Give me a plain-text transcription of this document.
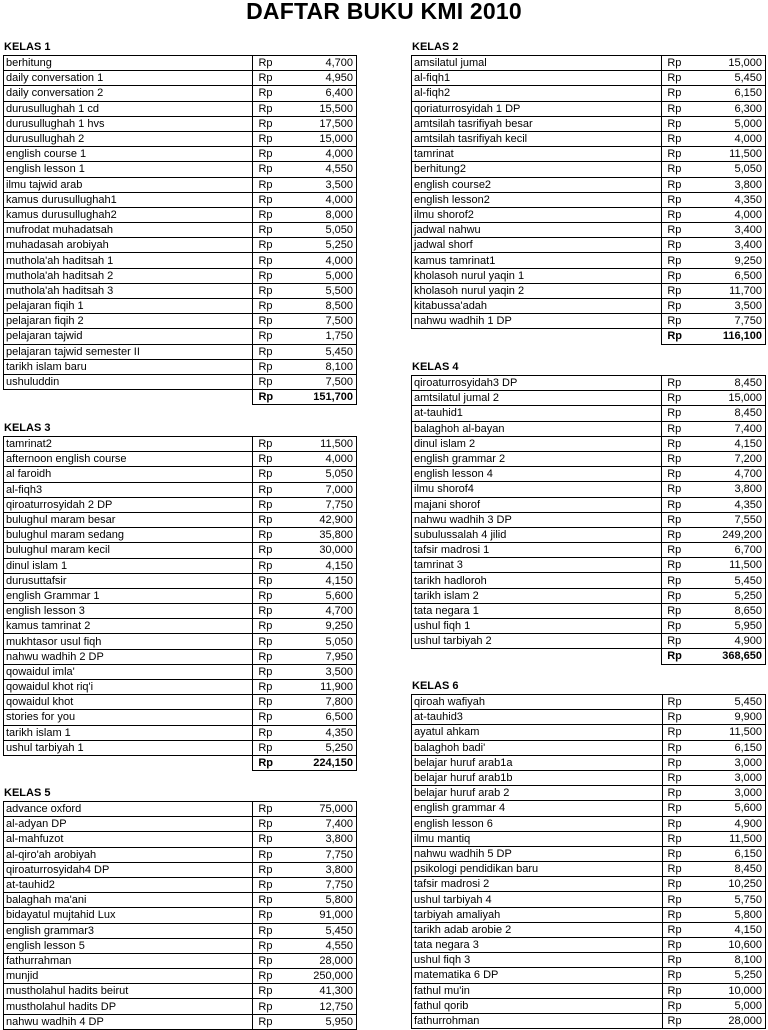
DAFTAR BUKU KMI 2010
KELAS 1
berhitung	Rp	4,700
daily conversation 1	Rp	4,950
daily conversation 2	Rp	6,400
durusullughah 1 cd	Rp	15,500
durusullughah 1 hvs	Rp	17,500
durusullughah 2	Rp	15,000
english course 1	Rp	4,000
english lesson 1	Rp	4,550
ilmu tajwid arab	Rp	3,500
kamus durusullughah1	Rp	4,000
kamus durusullughah2	Rp	8,000
mufrodat muhadatsah	Rp	5,050
muhadasah arobiyah	Rp	5,250
mutholа'ah haditsah 1	Rp	4,000
mutholа'ah haditsah 2	Rp	5,000
mutholа'ah haditsah 3	Rp	5,500
pelajaran fiqih 1	Rp	8,500
pelajaran fiqih 2	Rp	7,500
pelajaran tajwid	Rp	1,750
pelajaran tajwid semester II	Rp	5,450
tarikh islam baru	Rp	8,100
ushuluddin	Rp	7,500
	Rp	151,700
KELAS 3
tamrinat2	Rp	11,500
afternoon english course	Rp	4,000
al faroidh	Rp	5,050
al-fiqh3	Rp	7,000
qiroaturrosyidah 2 DP	Rp	7,750
bulughul maram besar	Rp	42,900
bulughul maram sedang	Rp	35,800
bulughul maram kecil	Rp	30,000
dinul islam 1	Rp	4,150
durusuttafsir	Rp	4,150
english Grammar 1	Rp	5,600
english lesson 3	Rp	4,700
kamus tamrinat 2	Rp	9,250
mukhtasor usul fiqh	Rp	5,050
nahwu wadhih 2 DP	Rp	7,950
qowaidul imla'	Rp	3,500
qowaidul khot riq'i	Rp	11,900
qowaidul khot	Rp	7,800
stories for you	Rp	6,500
tarikh islam 1	Rp	4,350
ushul tarbiyah 1	Rp	5,250
	Rp	224,150
KELAS 5
advance oxford	Rp	75,000
al-adyan DP	Rp	7,400
al-mahfuzot	Rp	3,800
al-qiro'ah arobiyah	Rp	7,750
qiroaturrosyidah4 DP	Rp	3,800
at-tauhid2	Rp	7,750
balaghah ma'ani	Rp	5,800
bidayatul mujtahid Lux	Rp	91,000
english grammar3	Rp	5,450
english lesson 5	Rp	4,550
fathurrahman	Rp	28,000
munjid	Rp	250,000
mustholahul hadits beirut	Rp	41,300
mustholahul hadits DP	Rp	12,750
nahwu wadhih 4 DP	Rp	5,950
KELAS 2
amsilatul jumal	Rp	15,000
al-fiqh1	Rp	5,450
al-fiqh2	Rp	6,150
qoriaturrosyidah 1 DP	Rp	6,300
amtsilah tasrifiyah besar	Rp	5,000
amtsilah tasrifiyah kecil	Rp	4,000
tamrinat	Rp	11,500
berhitung2	Rp	5,050
english course2	Rp	3,800
english lesson2	Rp	4,350
ilmu shorof2	Rp	4,000
jadwal nahwu	Rp	3,400
jadwal shorf	Rp	3,400
kamus tamrinat1	Rp	9,250
kholasoh nurul yaqin 1	Rp	6,500
kholasoh nurul yaqin 2	Rp	11,700
kitabussa'adah	Rp	3,500
nahwu wadhih 1 DP	Rp	7,750
	Rp	116,100
KELAS 4
qiroaturrosyidah3 DP	Rp	8,450
amtsilatul jumal 2	Rp	15,000
at-tauhid1	Rp	8,450
balaghoh al-bayan	Rp	7,400
dinul islam 2	Rp	4,150
english grammar 2	Rp	7,200
english lesson 4	Rp	4,700
ilmu shorof4	Rp	3,800
majani shorof	Rp	4,350
nahwu wadhih 3 DP	Rp	7,550
subulussalah 4 jilid	Rp	249,200
tafsir madrosi 1	Rp	6,700
tamrinat 3	Rp	11,500
tarikh hadloroh	Rp	5,450
tarikh islam 2	Rp	5,250
tata negara 1	Rp	8,650
ushul fiqh 1	Rp	5,950
ushul tarbiyah 2	Rp	4,900
	Rp	368,650
KELAS 6
qiroah wafiyah	Rp	5,450
at-tauhid3	Rp	9,900
ayatul ahkam	Rp	11,500
balaghoh badi'	Rp	6,150
belajar huruf arab1a	Rp	3,000
belajar huruf arab1b	Rp	3,000
belajar huruf arab 2	Rp	3,000
english grammar 4	Rp	5,600
english lesson 6	Rp	4,900
ilmu mantiq	Rp	11,500
nahwu wadhih 5 DP	Rp	6,150
psikologi pendidikan baru	Rp	8,450
tafsir madrosi 2	Rp	10,250
ushul tarbiyah 4	Rp	5,750
tarbiyah amaliyah	Rp	5,800
tarikh adab arobie 2	Rp	4,150
tata negara 3	Rp	10,600
ushul fiqh 3	Rp	8,100
matematika 6 DP	Rp	5,250
fathul mu'in	Rp	10,000
fathul qorib	Rp	5,000
fathurrohman	Rp	28,000
